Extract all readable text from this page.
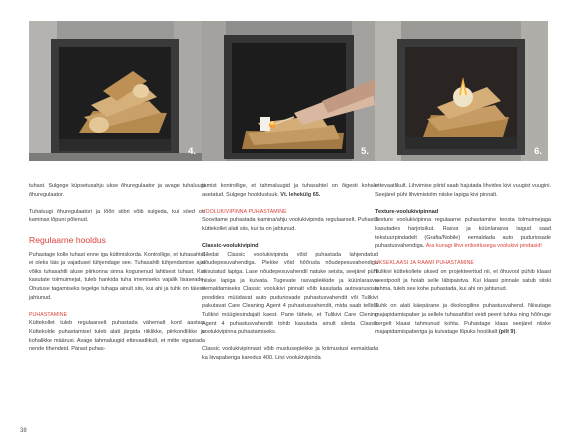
4.	5.	6.

tuhast. Sulgege küpsetusahju ukse õhuregulaator ja avage tuhaluugi õhuregulaator.

Tuhaluugi õhuregulaatori ja lõõri siibri võib sulgeda, kui söed on kaminas lõpuni põlenud.

Regulaarne hooldus

Puhastage kolle tuhast enne iga küttmiskorda. Kontrollige, et tuhasahtel ei oleks täis ja vajadusel tühjendage see. Tuhasahtli tühjendamise ajal võiks tuhasahtli aluse piirkonna sinna kogunenud lahtisest tuhast. Kui kasutate tolmuimejat, tuleb hankida tuha imemiseks vajalik lisaseade. Ohutuse tagamiseks tegelge tuhaga ainult siis, kui ahi ja tuhk on täiesti jahtunud.

PUHASTAMINE

Küttekollet tuleb regulaarselt puhastada vähemalt kord aastas. Küttekolde puhastamisel tuleb alati järgida riiklikke, piirkondlikke ja kohalikke määrusi. Avage tahmaluugid ettevaatlikult, et mitte vigastada nende tihendeid. Pärast puhas-

tamist kontrollige, et tahmaluugid ja tuhasahtel on õigesti kohale asetatud. Sulgege hooldusluuk. Vt. lehekülg 65.

VOOLUKIVIPINNA PUHASTAMINE

Soovitame puhastada kamina/ahju voolukivipinda regulaarselt. Puhasta küttekollet alati siis, kui ta on jahtunud.

Classic-voolukivipind

Siledat Classic voolukivipinda võid puhastada lahjendatud nõudepesuvahendiga. Plekke võid hõõruda nõudepesuvahendiga niisutatud lapiga. Lase nõudepesuvahendil natuke seista, seejärel pühi niiske lapiga ja kuivata. Tugevate rasvaplekkide ja küünlarasva eemaldamiseks Classic voolukivi pinnalt võib kasutada autovarusosa poodides müüdavat auto puduriosade puhastusvahendit või Tulikivi pakutavat Care Cleaning Agent 4 puhastusvahendit, mida saab tellida Tulikivi müügiesindajalt kaest. Pane tähele, et Tulikivi Care Clening Agent 4 puhastusvahendit tohib kasutada ainult sileda Classic voolukivipinna puhastamiseks.

Classic voolukivipinnast võib mustuseplekke ja kriimustusi eemaldada ka liivapaberiga karedus 400. Liivi voolukivipinda

ettevaatlikult. Lihvimise piirid saab hajutada lihvides kivi vuugist vuugini. Seejärel pühi lihvimistolm niiske lapiga kivi pinnalt.

Texture-voolukivipinnad

Texture voolukivipinna regulaarne puhastamine teosta tolmuimejaga kasutades harjotsikut. Rasva ja küünlarasva laigud saad tekstuurpindadelt (Grafia/Nobile) eemaldada auto puduriosade puhastusvahendiga. Ära kunagi lihvi erilootlusega voolukivi pindasid!

UKSEKLAASI JA RAAMI PUHASTAMINE

Tulikivi küttekollete uksed on projekteeritud nii, et õhuvool pühib klaasi seestpoolt ja hoiab selle läbipaistva. Kui klaasi pinnale satub siiski tahma, tuleb see kohe puhastada, kui ahi on jahtunud.

Tuhk on alati käepärane ja ökoloogiline puhastusvahend. Niisutage majapidamispaber ja sellele tuhasahtlist veidi peent tuhka ning hõõruge kergelt klaasi tahmunud kohta. Puhastage klaas seejärel niiske majapidamispaberiga ja kuivatage lõpuks hoolikalt (pilt 9).

38
